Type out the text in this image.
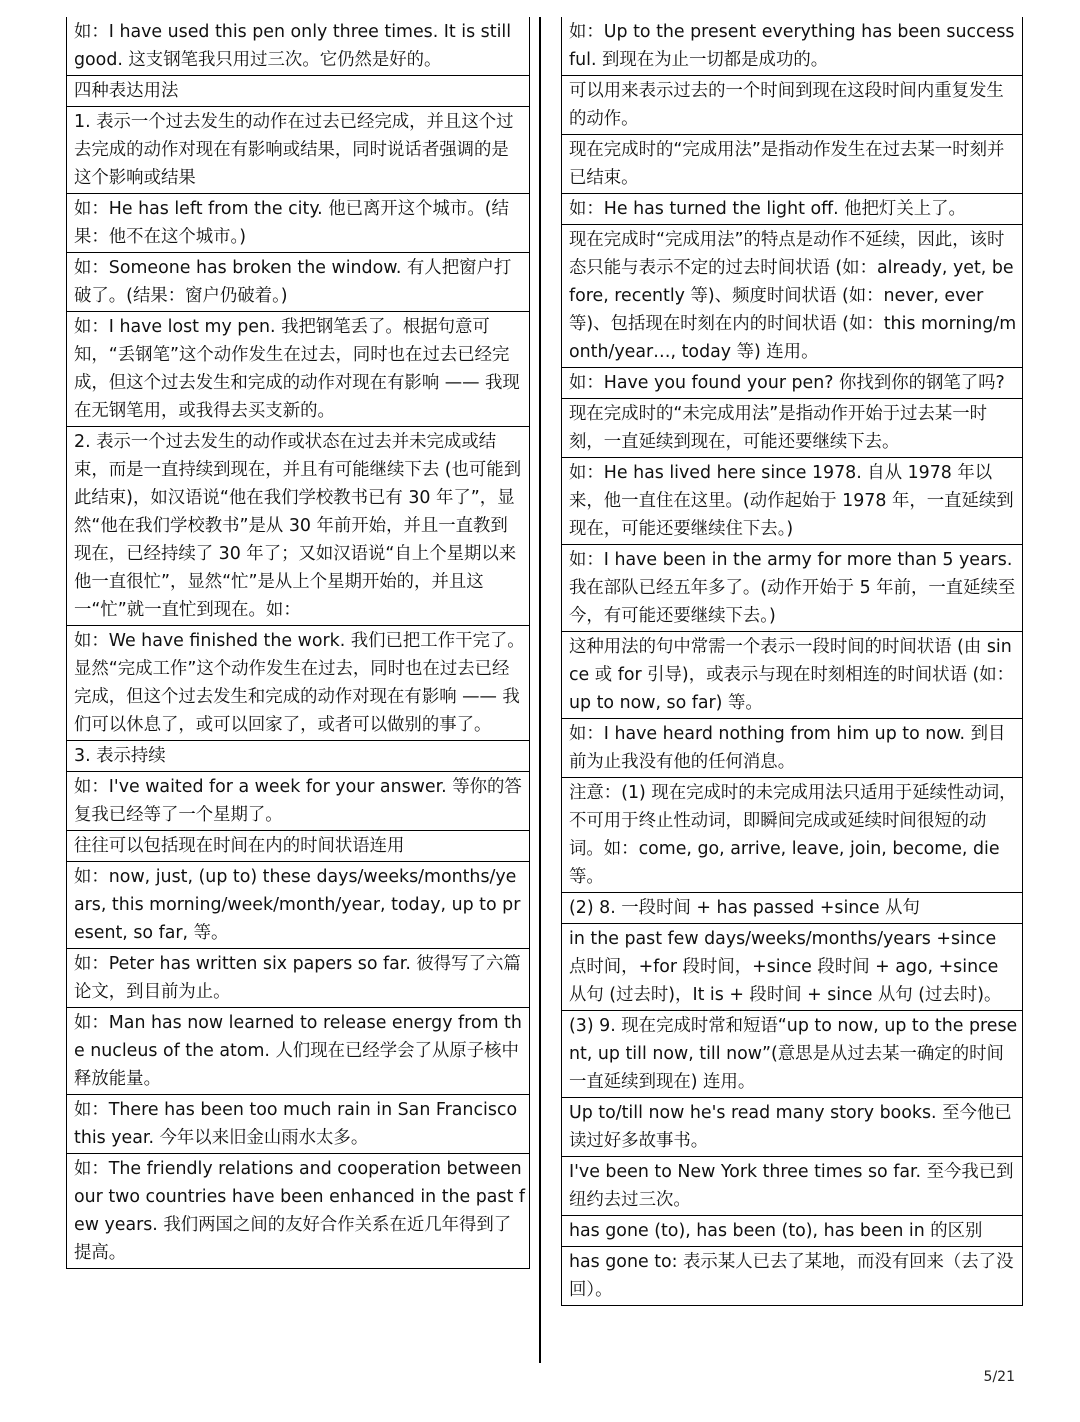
如：I have used this pen only three times. It is still good. 这支钢笔我只用过三次。它仍然是好的。
四种表达用法
1. 表示一个过去发生的动作在过去已经完成，并且这个过去完成的动作对现在有影响或结果，同时说话者强调的是这个影响或结果
如：He has left from the city. 他已离开这个城市。(结果：他不在这个城市。)
如：Someone has broken the window. 有人把窗户打破了。(结果：窗户仍破着。)
如：I have lost my pen. 我把钢笔丢了。根据句意可知，“丢钢笔”这个动作发生在过去，同时也在过去已经完成，但这个过去发生和完成的动作对现在有影响 —— 我现在无钢笔用，或我得去买支新的。
2. 表示一个过去发生的动作或状态在过去并未完成或结束，而是一直持续到现在，并且有可能继续下去 (也可能到此结束)，如汉语说“他在我们学校教书已有 30 年了”，显然“他在我们学校教书”是从 30 年前开始，并且一直教到现在，已经持续了 30 年了；又如汉语说“自上个星期以来他一直很忙”，显然“忙”是从上个星期开始的，并且这一“忙”就一直忙到现在。如：
如：We have finished the work. 我们已把工作干完了。显然“完成工作”这个动作发生在过去，同时也在过去已经完成，但这个过去发生和完成的动作对现在有影响 —— 我们可以休息了，或可以回家了，或者可以做别的事了。
3. 表示持续
如：I've waited for a week for your answer. 等你的答复我已经等了一个星期了。
往往可以包括现在时间在内的时间状语连用
如：now, just, (up to) these days/weeks/months/years, this morning/week/month/year, today, up to present, so far, 等。
如：Peter has written six papers so far. 彼得写了六篇论文，到目前为止。
如：Man has now learned to release energy from the nucleus of the atom. 人们现在已经学会了从原子核中释放能量。
如：There has been too much rain in San Francisco this year. 今年以来旧金山雨水太多。
如：The friendly relations and cooperation between our two countries have been enhanced in the past few years. 我们两国之间的友好合作关系在近几年得到了提高。
如：Up to the present everything has been successful. 到现在为止一切都是成功的。
可以用来表示过去的一个时间到现在这段时间内重复发生的动作。
现在完成时的“完成用法”是指动作发生在过去某一时刻并已结束。
如：He has turned the light off. 他把灯关上了。
现在完成时“完成用法”的特点是动作不延续，因此，该时态只能与表示不定的过去时间状语 (如：already, yet, before, recently 等)、频度时间状语 (如：never, ever 等)、包括现在时刻在内的时间状语 (如：this morning/month/year…, today 等) 连用。
如：Have you found your pen? 你找到你的钢笔了吗?
现在完成时的“未完成用法”是指动作开始于过去某一时刻，一直延续到现在，可能还要继续下去。
如：He has lived here since 1978. 自从 1978 年以来，他一直住在这里。(动作起始于 1978 年，一直延续到现在，可能还要继续住下去。)
如：I have been in the army for more than 5 years. 我在部队已经五年多了。(动作开始于 5 年前，一直延续至今，有可能还要继续下去。)
这种用法的句中常需一个表示一段时间的时间状语 (由 since 或 for 引导)，或表示与现在时刻相连的时间状语 (如：up to now, so far) 等。
如：I have heard nothing from him up to now. 到目前为止我没有他的任何消息。
注意：(1) 现在完成时的未完成用法只适用于延续性动词，不可用于终止性动词，即瞬间完成或延续时间很短的动词。如：come, go, arrive, leave, join, become, die 等。
(2) 8. 一段时间 + has passed +since 从句
in the past few days/weeks/months/years +since 点时间，+for 段时间，+since 段时间 + ago, +since 从句 (过去时)，It is + 段时间 + since 从句 (过去时)。
(3) 9. 现在完成时常和短语“up to now, up to the present, up till now, till now”(意思是从过去某一确定的时间一直延续到现在) 连用。
Up to/till now he's read many story books. 至今他已读过好多故事书。
I've been to New York three times so far. 至今我已到纽约去过三次。
has gone (to), has been (to), has been in 的区别
has gone to: 表示某人已去了某地，而没有回来（去了没回）。
5/21
